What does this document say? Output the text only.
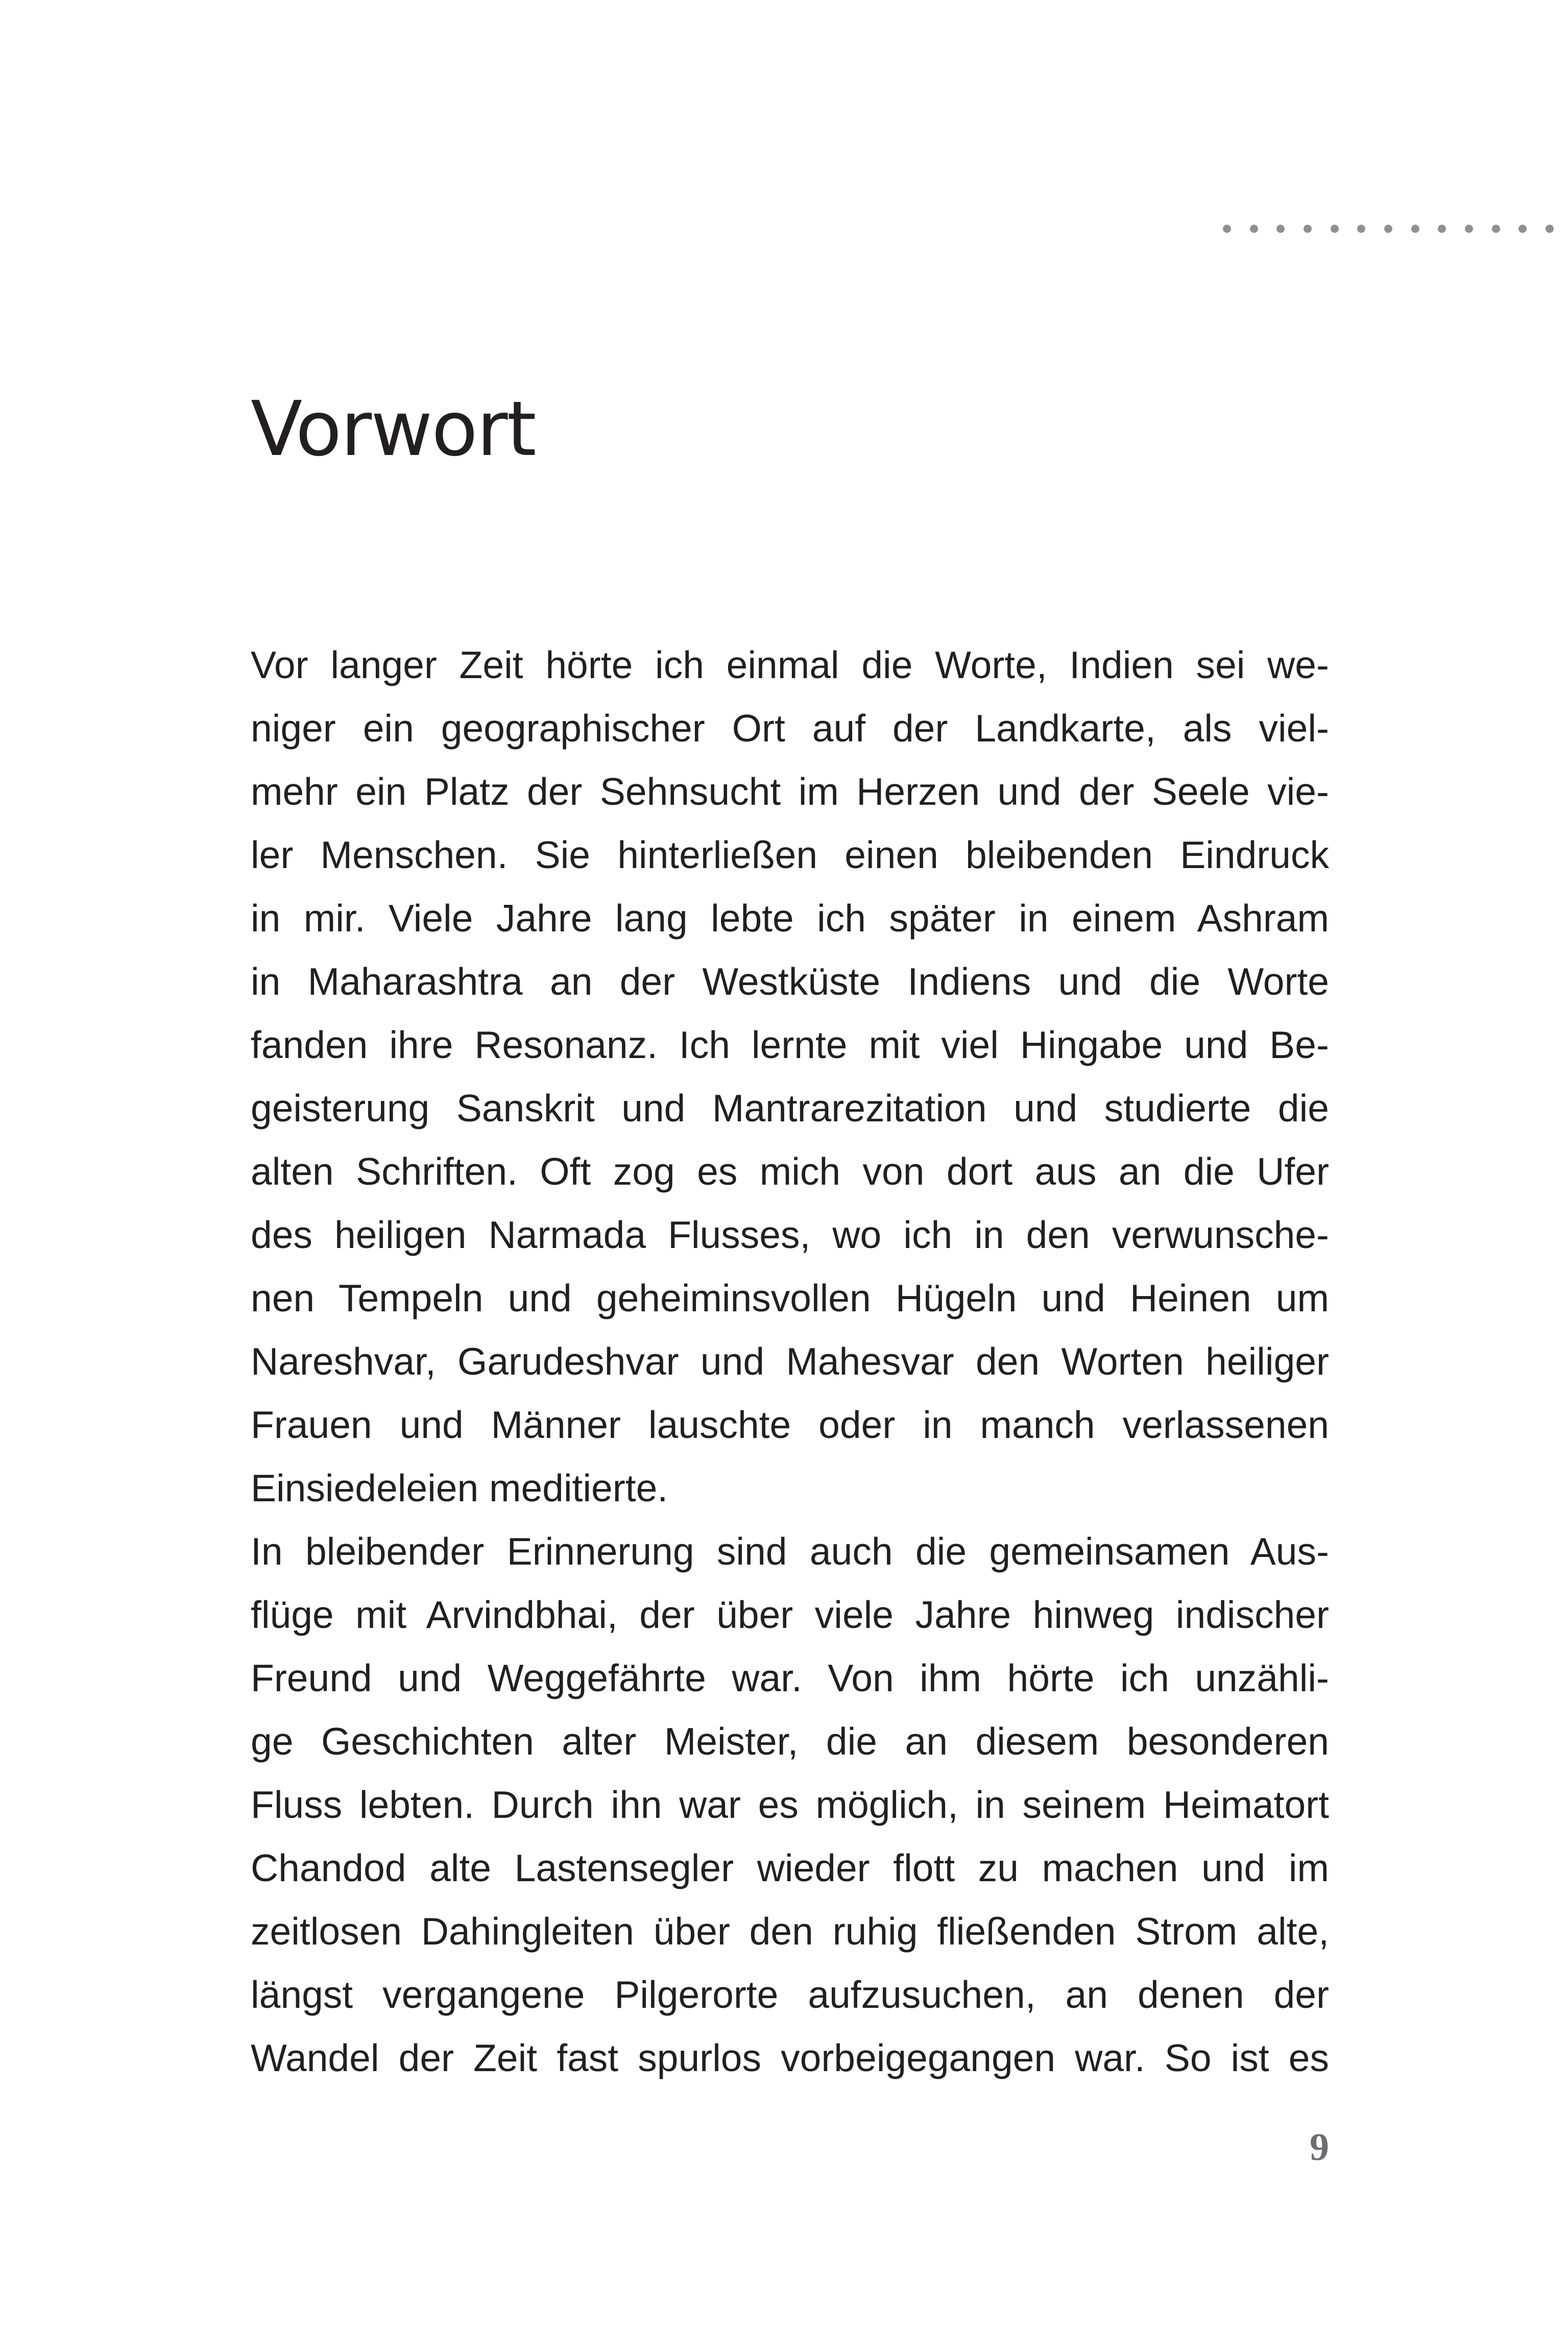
Vorwort
Vor langer Zeit hörte ich einmal die Worte, Indien sei we-
niger ein geographischer Ort auf der Landkarte, als viel-
mehr ein Platz der Sehnsucht im Herzen und der Seele vie-
ler Menschen. Sie hinterließen einen bleibenden Eindruck
in mir. Viele Jahre lang lebte ich später in einem Ashram
in Maharashtra an der Westküste Indiens und die Worte
fanden ihre Resonanz. Ich lernte mit viel Hingabe und Be-
geisterung Sanskrit und Mantrarezitation und studierte die
alten Schriften. Oft zog es mich von dort aus an die Ufer
des heiligen Narmada Flusses, wo ich in den verwunsche-
nen Tempeln und geheiminsvollen Hügeln und Heinen um
Nareshvar, Garudeshvar und Mahesvar den Worten heiliger
Frauen und Männer lauschte oder in manch verlassenen
Einsiedeleien meditierte.
In bleibender Erinnerung sind auch die gemeinsamen Aus-
flüge mit Arvindbhai, der über viele Jahre hinweg indischer
Freund und Weggefährte war. Von ihm hörte ich unzähli-
ge Geschichten alter Meister, die an diesem besonderen
Fluss lebten. Durch ihn war es möglich, in seinem Heimatort
Chandod alte Lastensegler wieder flott zu machen und im
zeitlosen Dahingleiten über den ruhig fließenden Strom alte,
längst vergangene Pilgerorte aufzusuchen, an denen der
Wandel der Zeit fast spurlos vorbeigegangen war. So ist es
9
